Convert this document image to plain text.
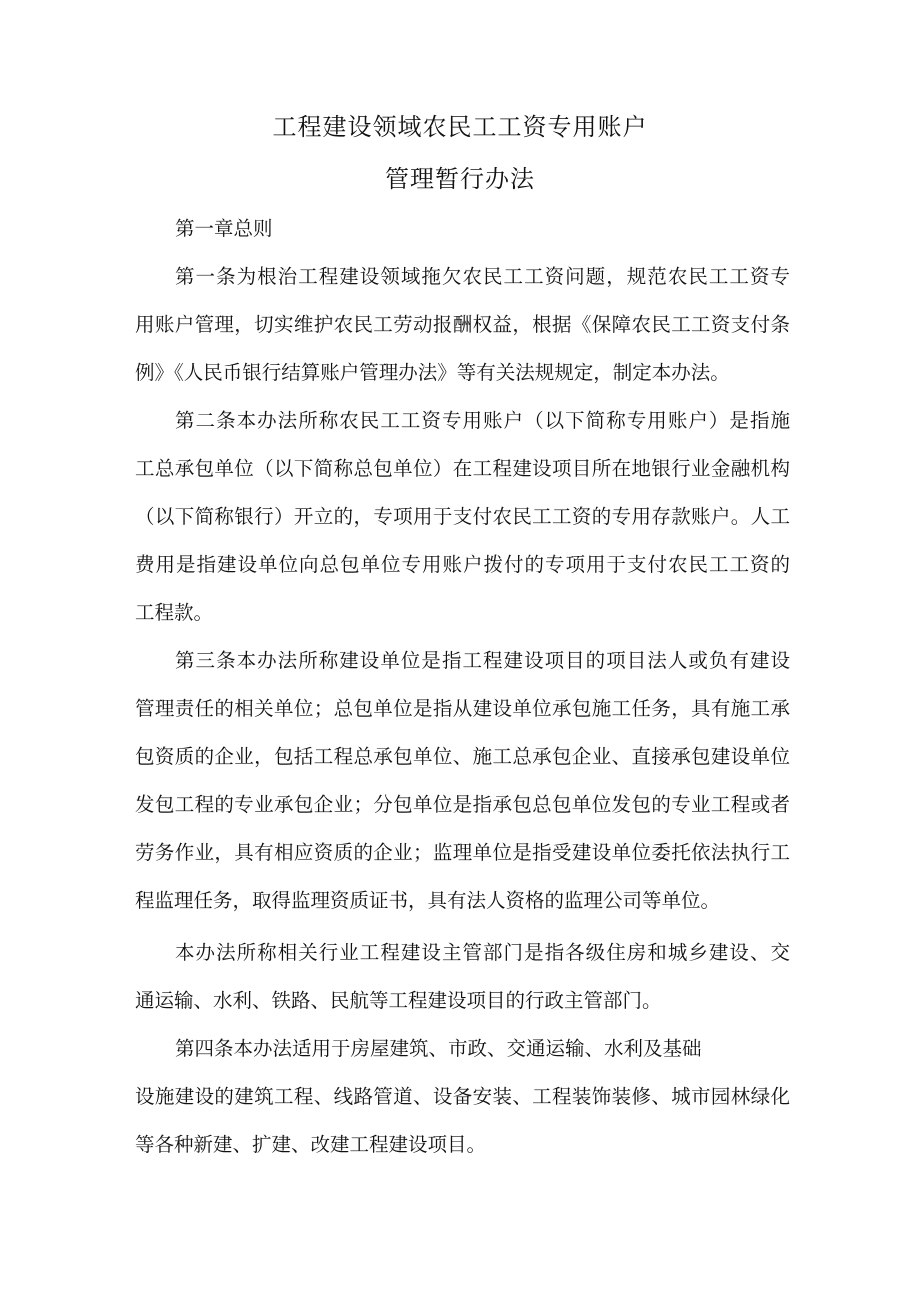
工程建设领域农民工工资专用账户
管理暂行办法
第一章总则
第一条为根治工程建设领域拖欠农民工工资问题，规范农民工工资专
用账户管理，切实维护农民工劳动报酬权益，根据《保障农民工工资支付条
例》《人民币银行结算账户管理办法》等有关法规规定，制定本办法。
第二条本办法所称农民工工资专用账户（以下简称专用账户）是指施
工总承包单位（以下简称总包单位）在工程建设项目所在地银行业金融机构
（以下简称银行）开立的，专项用于支付农民工工资的专用存款账户。人工
费用是指建设单位向总包单位专用账户拨付的专项用于支付农民工工资的
工程款。
第三条本办法所称建设单位是指工程建设项目的项目法人或负有建设
管理责任的相关单位；总包单位是指从建设单位承包施工任务，具有施工承
包资质的企业，包括工程总承包单位、施工总承包企业、直接承包建设单位
发包工程的专业承包企业；分包单位是指承包总包单位发包的专业工程或者
劳务作业，具有相应资质的企业；监理单位是指受建设单位委托依法执行工
程监理任务，取得监理资质证书，具有法人资格的监理公司等单位。
本办法所称相关行业工程建设主管部门是指各级住房和城乡建设、交
通运输、水利、铁路、民航等工程建设项目的行政主管部门。
第四条本办法适用于房屋建筑、市政、交通运输、水利及基础
设施建设的建筑工程、线路管道、设备安装、工程装饰装修、城市园林绿化
等各种新建、扩建、改建工程建设项目。
